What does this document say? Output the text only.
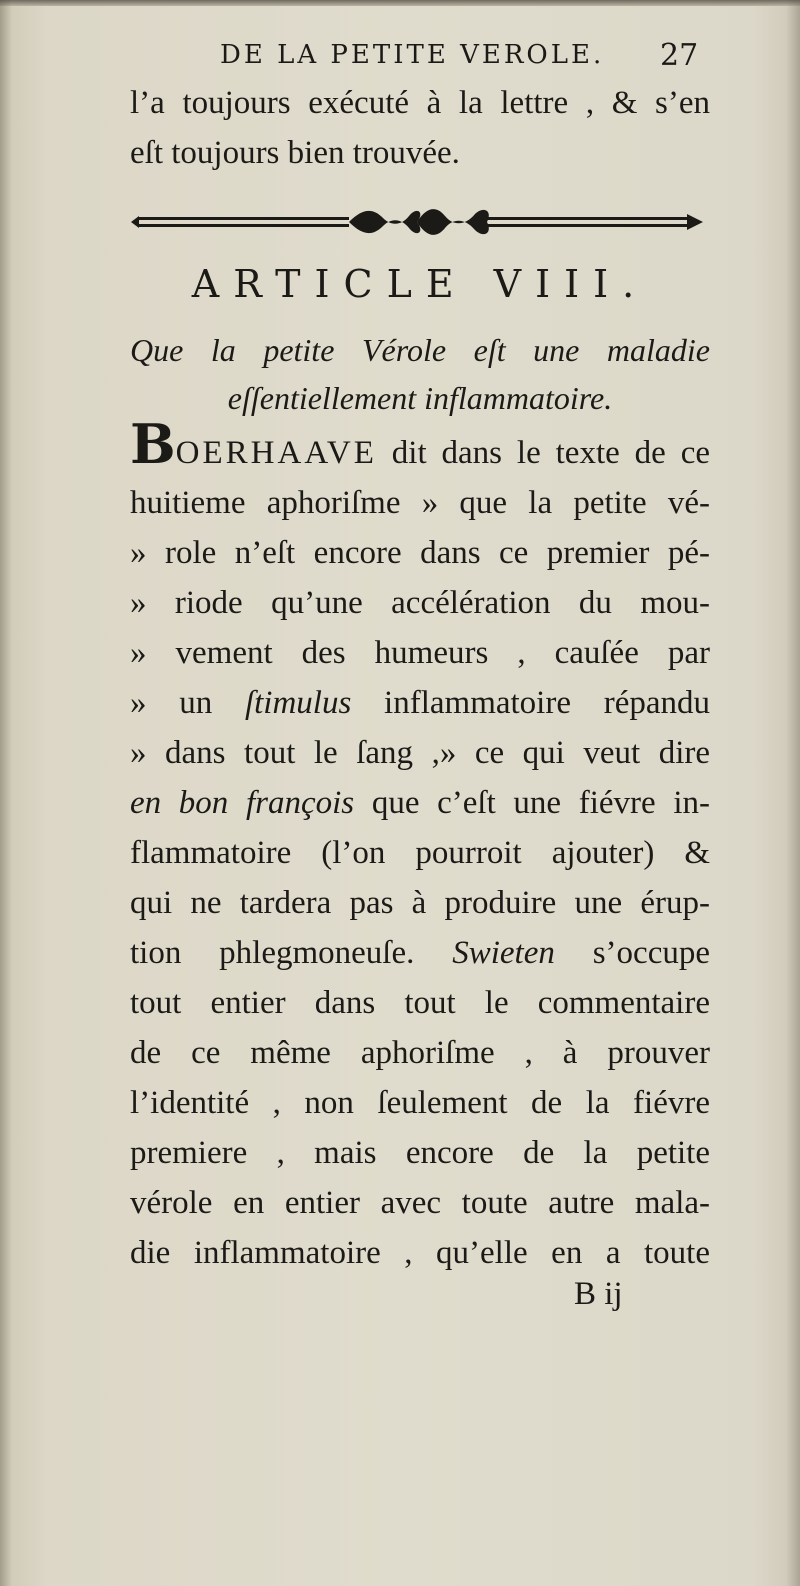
DE LA PETITE VEROLE. 27
l’a toujours exécuté à la lettre , & s’en
eſt toujours bien trouvée.
ARTICLE VIII.
Que la petite Vérole eſt une maladie
eſſentiellement inflammatoire.
BOERHAAVE dit dans le texte de ce
huitieme aphoriſme » que la petite vé-
» role n’eſt encore dans ce premier pé-
» riode qu’une accélération du mou-
» vement des humeurs , cauſée par
» un ſtimulus inflammatoire répandu
» dans tout le ſang ,» ce qui veut dire
en bon françois que c’eſt une fiévre in-
flammatoire (l’on pourroit ajouter) &
qui ne tardera pas à produire une érup-
tion phlegmoneuſe. Swieten s’occupe
tout entier dans tout le commentaire
de ce même aphoriſme , à prouver
l’identité , non ſeulement de la fiévre
premiere , mais encore de la petite
vérole en entier avec toute autre mala-
die inflammatoire , qu’elle en a toute
B ij
